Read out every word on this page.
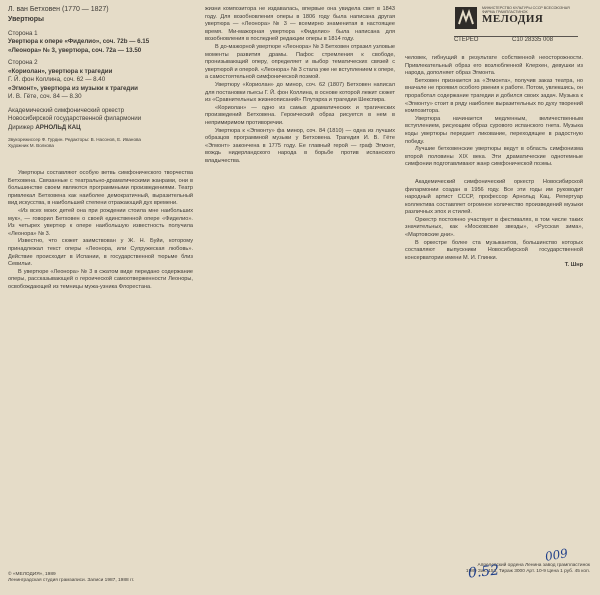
Л. ван Бетховен (1770 — 1827)
Увертюры
Сторона 1
Увертюра к опере «Фиделио», соч. 72b — 6.15
«Леонора» № 3, увертюра, соч. 72а — 13.50
Сторона 2
«Кориолан», увертюра к трагедии
Г. Й. фон Коллина, соч. 62 — 8.40
«Эгмонт», увертюра из музыки к трагедии
И. В. Гёте, соч. 84 — 8.30
Академический симфонический оркестр
Новосибирской государственной филармонии
Дирижер АРНОЛЬД КАЦ
Звукорежиссер Ф. Гурдин. Редакторы: В. Насонов, Е. Иванова
Художник М. Волкова

Увертюры составляют особую ветвь симфонического творчества Бетховена. Связанные с театрально-драматическими жанрами, они в большинстве своем являются программными произведениями. Театр привлекал Бетховена как наиболее демократичный, выразительный вид искусства, в наибольшей степени отражающий дух времени.

«Из всех моих детей она при рождении стоила мне наибольших мук», — говорил Бетховен о своей единственной опере «Фиделио». Из четырех увертюр к опере наибольшую известность получила «Леонора» № 3.

Известно, что сюжет заимствован у Ж. Н. Буйи, которому принадлежал текст оперы «Леонора, или Супружеская любовь». Действие происходит в Испании, в государственной тюрьме близ Севильи.

В увертюре «Леонора» № 3 в сжатом виде передано содержание оперы, рассказывающей о героической самоотверженности Леоноры, освобождающей из темницы мужа-узника Флорестана.

жизни композитора не издавалась, впервые она увидела свет в 1843 году. Для возобновления оперы в 1806 году была написана другая увертюра — «Леонора» № 3 — всемирно знаменитая в настоящее время. Ми-мажорная увертюра «Фиделио» была написана для возобновления в последней редакции оперы в 1814 году.

В до-мажорной увертюре «Леонора» № 3 Бетховен отразил узловые моменты развития драмы. Пафос стремления к свободе, пронизывающий оперу, определяет и выбор тематических связей с увертюрой и оперой. «Леонора» № 3 стала уже не вступлением к опере, а самостоятельной симфонической поэмой.

Увертюру «Кориолан» до минор, соч. 62 (1807) Бетховен написал для постановки пьесы Г. Й. фон Коллина, в основе которой лежит сюжет из «Сравнительных жизнеописаний» Плутарха и трагедии Шекспира.

«Кориолан» — одно из самых драматических и трагических произведений Бетховена. Героический образ рисуется в нем в непримиримом противоречии.

Увертюра к «Эгмонту» фа минор, соч. 84 (1810) — одна из лучших образцов программной музыки у Бетховена. Трагедия И. В. Гёте «Эгмонт» закончена в 1775 году. Ее главный герой — граф Эгмонт, вождь нидерландского народа в борьбе против испанского владычества.

МИНИСТЕРСТВО КУЛЬТУРЫ СССР ВСЕСОЮЗНАЯ ФИРМА ГРАМПЛАСТИНОК
МЕЛОДИЯ
СТЕРЕО	С10 28335 008

человек, гибнущий в результате собственной неосторожности. Привлекательный образ его возлюбленной Клерхен, девушки из народа, дополняет образ Эгмонта.

Бетховен признается за «Эгмонта», получив заказ театра, но вначале не проявил особого рвения к работе. Потом, увлекшись, он проработал содержание трагедии и добился своих задач. Музыка к «Эгмонту» стоит в ряду наиболее выразительных по духу творений композитора.

Увертюра начинается медленным, величественным вступлением, рисующим образ сурового испанского гнета. Музыка коды увертюры передает ликование, переходящее в радостную победу.

Лучшие бетховенские увертюры ведут в область симфонизма второй половины XIX века. Эти драматические однотемные симфонии подготавливают жанр симфонической поэмы.

Академический симфонический оркестр Новосибирской филармонии создан в 1956 году. Все эти годы им руководит народный артист СССР, профессор Арнольд Кац. Репертуар коллектива составляет огромное количество произведений музыки различных эпох и стилей.

Оркестр постоянно участвует в фестивалях, в том числе таких значительных, как «Московские звезды», «Русская зима», «Мартовские дни».

В оркестре более ста музыкантов, большинство которых составляют выпускники Новосибирской государственной консерватории имени М. И. Глинки.

Т. Шнр
© «МЕЛОДИЯ», 1989
Ленинградская студия грамзаписи. Записи 1987, 1988 гг.
Апрелевский ордена Ленина завод грампластинок
1989 Зак. 153. Тираж 3000 Арт. 10-9 Цена 1 руб. 45 коп.
0.52
009
